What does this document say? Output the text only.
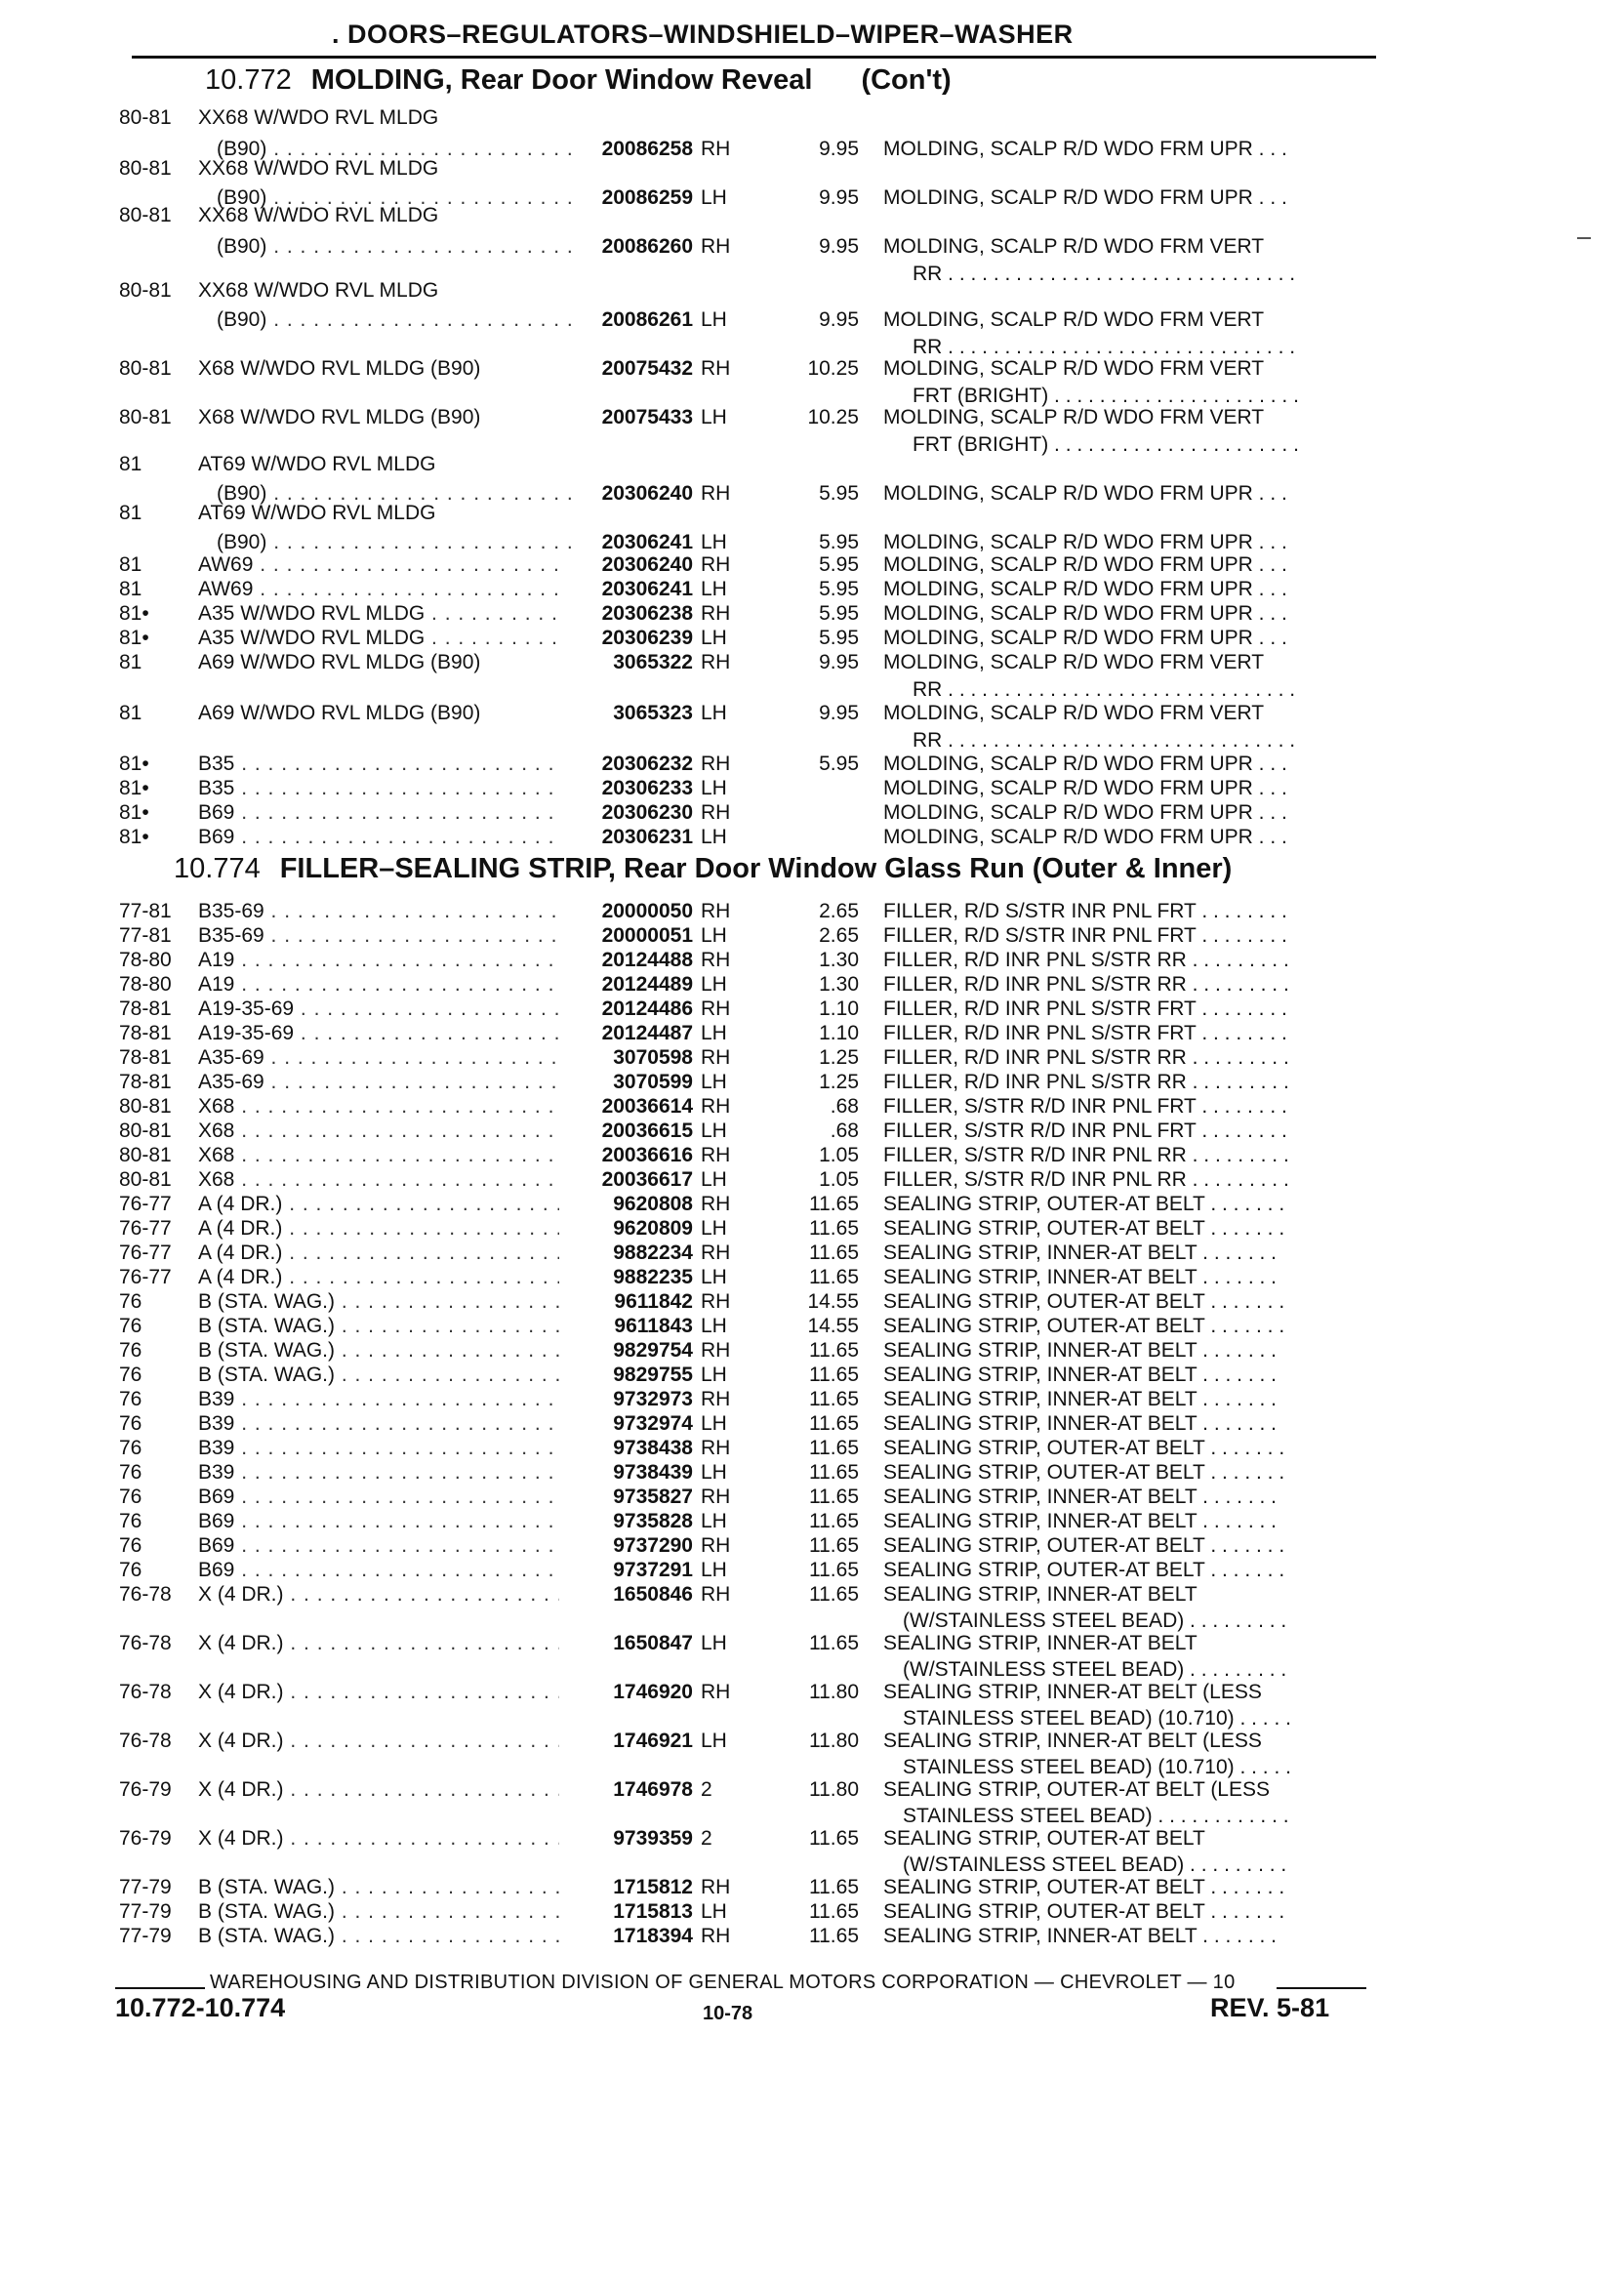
. DOORS–REGULATORS–WINDSHIELD–WIPER–WASHER
10.772 MOLDING, Rear Door Window Reveal (Con't)
10.774 FILLER–SEALING STRIP, Rear Door Window Glass Run (Outer & Inner)
80-81	XX68 W/WDO RVL MLDG
(B90) . . .	20086258 RH	9.95 MOLDING, SCALP R/D WDO FRM UPR . . .
80-81	XX68 W/WDO RVL MLDG
(B90) . . .	20086259 LH	9.95 MOLDING, SCALP R/D WDO FRM UPR . . .
80-81	XX68 W/WDO RVL MLDG
(B90) . . .	20086260 RH	9.95 MOLDING, SCALP R/D WDO FRM VERT
RR . . . . . . . . . . . . . . . . . . . . . . . . . . . . . . .
80-81	XX68 W/WDO RVL MLDG
(B90) . . .	20086261 LH	9.95 MOLDING, SCALP R/D WDO FRM VERT
RR . . . . . . . . . . . . . . . . . . . . . . . . . . . . . . .
80-81	X68 W/WDO RVL MLDG (B90)	20075432 RH	10.25 MOLDING, SCALP R/D WDO FRM VERT
FRT (BRIGHT) . . . . . . . . . . . . . . . . . . . . . .
80-81	X68 W/WDO RVL MLDG (B90)	20075433 LH	10.25 MOLDING, SCALP R/D WDO FRM VERT
FRT (BRIGHT) . . . . . . . . . . . . . . . . . . . . . .
81	AT69 W/WDO RVL MLDG
(B90) . . .	20306240 RH	5.95 MOLDING, SCALP R/D WDO FRM UPR . . .
81	AT69 W/WDO RVL MLDG
(B90) . . .	20306241 LH	5.95 MOLDING, SCALP R/D WDO FRM UPR . . .
81	AW69 . . .	20306240 RH	5.95 MOLDING, SCALP R/D WDO FRM UPR . . .
81	AW69 . . .	20306241 LH	5.95 MOLDING, SCALP R/D WDO FRM UPR . . .
81•	A35 W/WDO RVL MLDG . . .	20306238 RH	5.95 MOLDING, SCALP R/D WDO FRM UPR . . .
81•	A35 W/WDO RVL MLDG . . .	20306239 LH	5.95 MOLDING, SCALP R/D WDO FRM UPR . . .
81	A69 W/WDO RVL MLDG (B90)	3065322 RH	9.95 MOLDING, SCALP R/D WDO FRM VERT
RR . . . . . . . . . . . . . . . . . . . . . . . . . . . . . . .
81	A69 W/WDO RVL MLDG (B90)	3065323 LH	9.95 MOLDING, SCALP R/D WDO FRM VERT
RR . . . . . . . . . . . . . . . . . . . . . . . . . . . . . . .
81•	B35 . . .	20306232 RH	5.95 MOLDING, SCALP R/D WDO FRM UPR . . .
81•	B35 . . .	20306233 LH	MOLDING, SCALP R/D WDO FRM UPR . . .
81•	B69 . . .	20306230 RH	MOLDING, SCALP R/D WDO FRM UPR . . .
81•	B69 . . .	20306231 LH	MOLDING, SCALP R/D WDO FRM UPR . . .
77-81	B35-69 . . .	20000050 RH	2.65 FILLER, R/D S/STR INR PNL FRT . . . . . . . .
77-81	B35-69 . . .	20000051 LH	2.65 FILLER, R/D S/STR INR PNL FRT . . . . . . . .
78-80	A19 . . .	20124488 RH	1.30 FILLER, R/D INR PNL S/STR RR . . . . . . . . .
78-80	A19 . . .	20124489 LH	1.30 FILLER, R/D INR PNL S/STR RR . . . . . . . . .
78-81	A19-35-69 . . .	20124486 RH	1.10 FILLER, R/D INR PNL S/STR FRT . . . . . . . .
78-81	A19-35-69 . . .	20124487 LH	1.10 FILLER, R/D INR PNL S/STR FRT . . . . . . . .
78-81	A35-69 . . .	3070598 RH	1.25 FILLER, R/D INR PNL S/STR RR . . . . . . . . .
78-81	A35-69 . . .	3070599 LH	1.25 FILLER, R/D INR PNL S/STR RR . . . . . . . . .
80-81	X68 . . .	20036614 RH	.68 FILLER, S/STR R/D INR PNL FRT . . . . . . . .
80-81	X68 . . .	20036615 LH	.68 FILLER, S/STR R/D INR PNL FRT . . . . . . . .
80-81	X68 . . .	20036616 RH	1.05 FILLER, S/STR R/D INR PNL RR . . . . . . . . .
80-81	X68 . . .	20036617 LH	1.05 FILLER, S/STR R/D INR PNL RR . . . . . . . . .
76-77	A (4 DR.) . . .	9620808 RH	11.65 SEALING STRIP, OUTER-AT BELT . . . . . . .
76-77	A (4 DR.) . . .	9620809 LH	11.65 SEALING STRIP, OUTER-AT BELT . . . . . . .
76-77	A (4 DR.) . . .	9882234 RH	11.65 SEALING STRIP, INNER-AT BELT . . . . . . .
76-77	A (4 DR.) . . .	9882235 LH	11.65 SEALING STRIP, INNER-AT BELT . . . . . . .
76	B (STA. WAG.) . . .	9611842 RH	14.55 SEALING STRIP, OUTER-AT BELT . . . . . . .
76	B (STA. WAG.) . . .	9611843 LH	14.55 SEALING STRIP, OUTER-AT BELT . . . . . . .
76	B (STA. WAG.) . . .	9829754 RH	11.65 SEALING STRIP, INNER-AT BELT . . . . . . .
76	B (STA. WAG.) . . .	9829755 LH	11.65 SEALING STRIP, INNER-AT BELT . . . . . . .
76	B39 . . .	9732973 RH	11.65 SEALING STRIP, INNER-AT BELT . . . . . . .
76	B39 . . .	9732974 LH	11.65 SEALING STRIP, INNER-AT BELT . . . . . . .
76	B39 . . .	9738438 RH	11.65 SEALING STRIP, OUTER-AT BELT . . . . . . .
76	B39 . . .	9738439 LH	11.65 SEALING STRIP, OUTER-AT BELT . . . . . . .
76	B69 . . .	9735827 RH	11.65 SEALING STRIP, INNER-AT BELT . . . . . . .
76	B69 . . .	9735828 LH	11.65 SEALING STRIP, INNER-AT BELT . . . . . . .
76	B69 . . .	9737290 RH	11.65 SEALING STRIP, OUTER-AT BELT . . . . . . .
76	B69 . . .	9737291 LH	11.65 SEALING STRIP, OUTER-AT BELT . . . . . . .
76-78	X (4 DR.) . . .	1650846 RH	11.65 SEALING STRIP, INNER-AT BELT
(W/STAINLESS STEEL BEAD) . . . . . . . . .
76-78	X (4 DR.) . . .	1650847 LH	11.65 SEALING STRIP, INNER-AT BELT
(W/STAINLESS STEEL BEAD) . . . . . . . . .
76-78	X (4 DR.) . . .	1746920 RH	11.80 SEALING STRIP, INNER-AT BELT (LESS
STAINLESS STEEL BEAD) (10.710) . . . . .
76-78	X (4 DR.) . . .	1746921 LH	11.80 SEALING STRIP, INNER-AT BELT (LESS
STAINLESS STEEL BEAD) (10.710) . . . . .
76-79	X (4 DR.) . . .	1746978 2	11.80 SEALING STRIP, OUTER-AT BELT (LESS
STAINLESS STEEL BEAD) . . . . . . . . . . . .
76-79	X (4 DR.) . . .	9739359 2	11.65 SEALING STRIP, OUTER-AT BELT
(W/STAINLESS STEEL BEAD) . . . . . . . . .
77-79	B (STA. WAG.) . . .	1715812 RH	11.65 SEALING STRIP, OUTER-AT BELT . . . . . . .
77-79	B (STA. WAG.) . . .	1715813 LH	11.65 SEALING STRIP, OUTER-AT BELT . . . . . . .
77-79	B (STA. WAG.) . . .	1718394 RH	11.65 SEALING STRIP, INNER-AT BELT . . . . . . .
WAREHOUSING AND DISTRIBUTION DIVISION OF GENERAL MOTORS CORPORATION — CHEVROLET — 10
10.772-10.774	10-78	REV. 5-81
